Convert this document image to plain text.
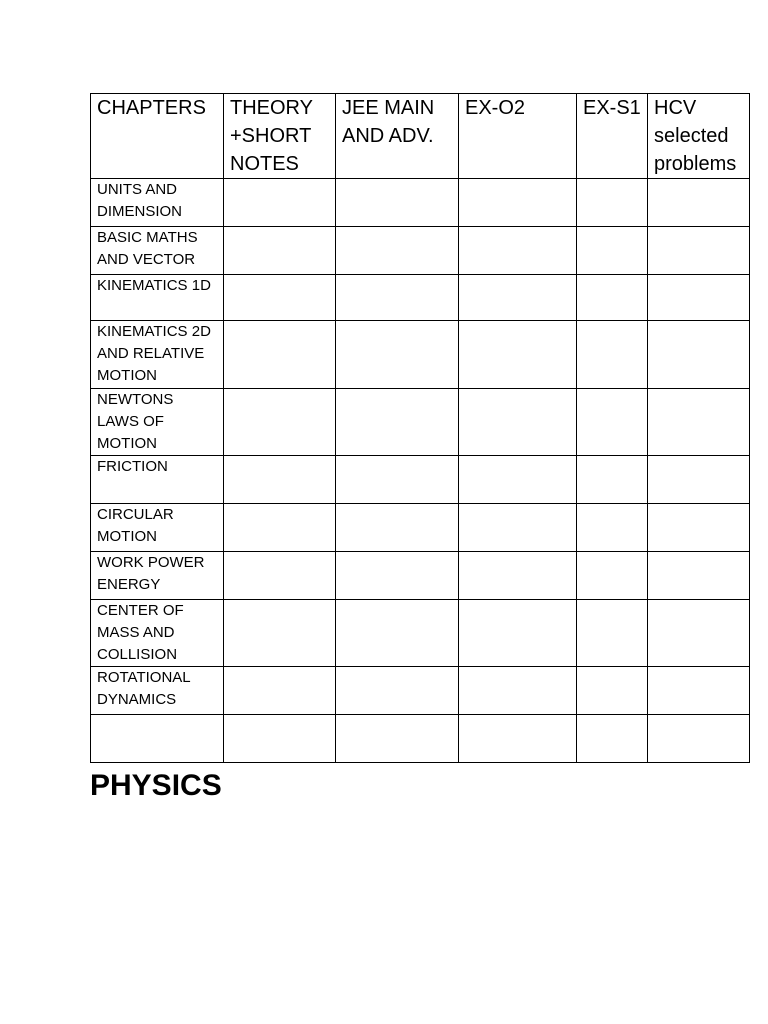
CHAPTERS	THEORY +SHORT NOTES	JEE MAIN AND ADV.	EX-O2	EX-S1	HCV selected problems
UNITS AND DIMENSION					
BASIC MATHS AND VECTOR					
KINEMATICS 1D					
KINEMATICS 2D AND RELATIVE MOTION					
NEWTONS LAWS OF MOTION					
FRICTION					
CIRCULAR MOTION					
WORK POWER ENERGY					
CENTER OF MASS AND COLLISION					
ROTATIONAL DYNAMICS					

PHYSICS
